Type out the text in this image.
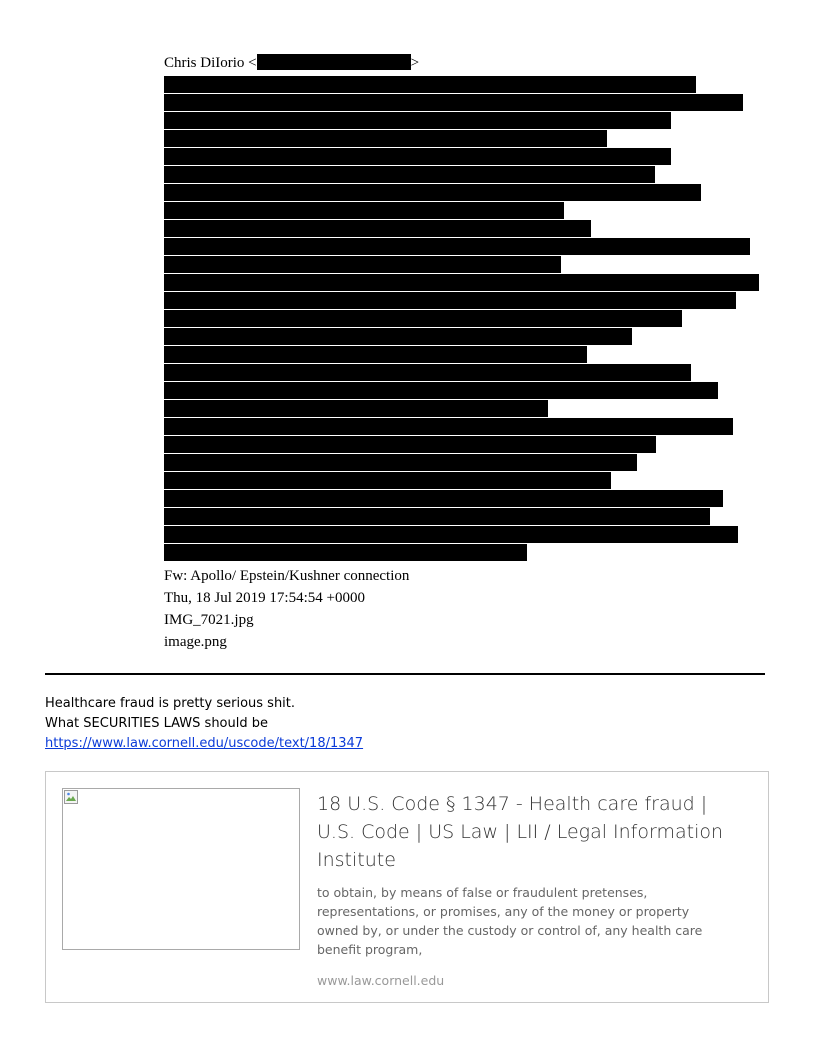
Chris DiIorio <	>
Fw: Apollo/ Epstein/Kushner connection
Thu, 18 Jul 2019 17:54:54 +0000
IMG_7021.jpg
image.png
Healthcare fraud is pretty serious shit.
What SECURITIES LAWS should be
https://www.law.cornell.edu/uscode/text/18/1347
18 U.S. Code § 1347 - Health care fraud | U.S. Code | US Law | LII / Legal Information Institute
to obtain, by means of false or fraudulent pretenses, representations, or promises, any of the money or property owned by, or under the custody or control of, any health care benefit program,
www.law.cornell.edu
